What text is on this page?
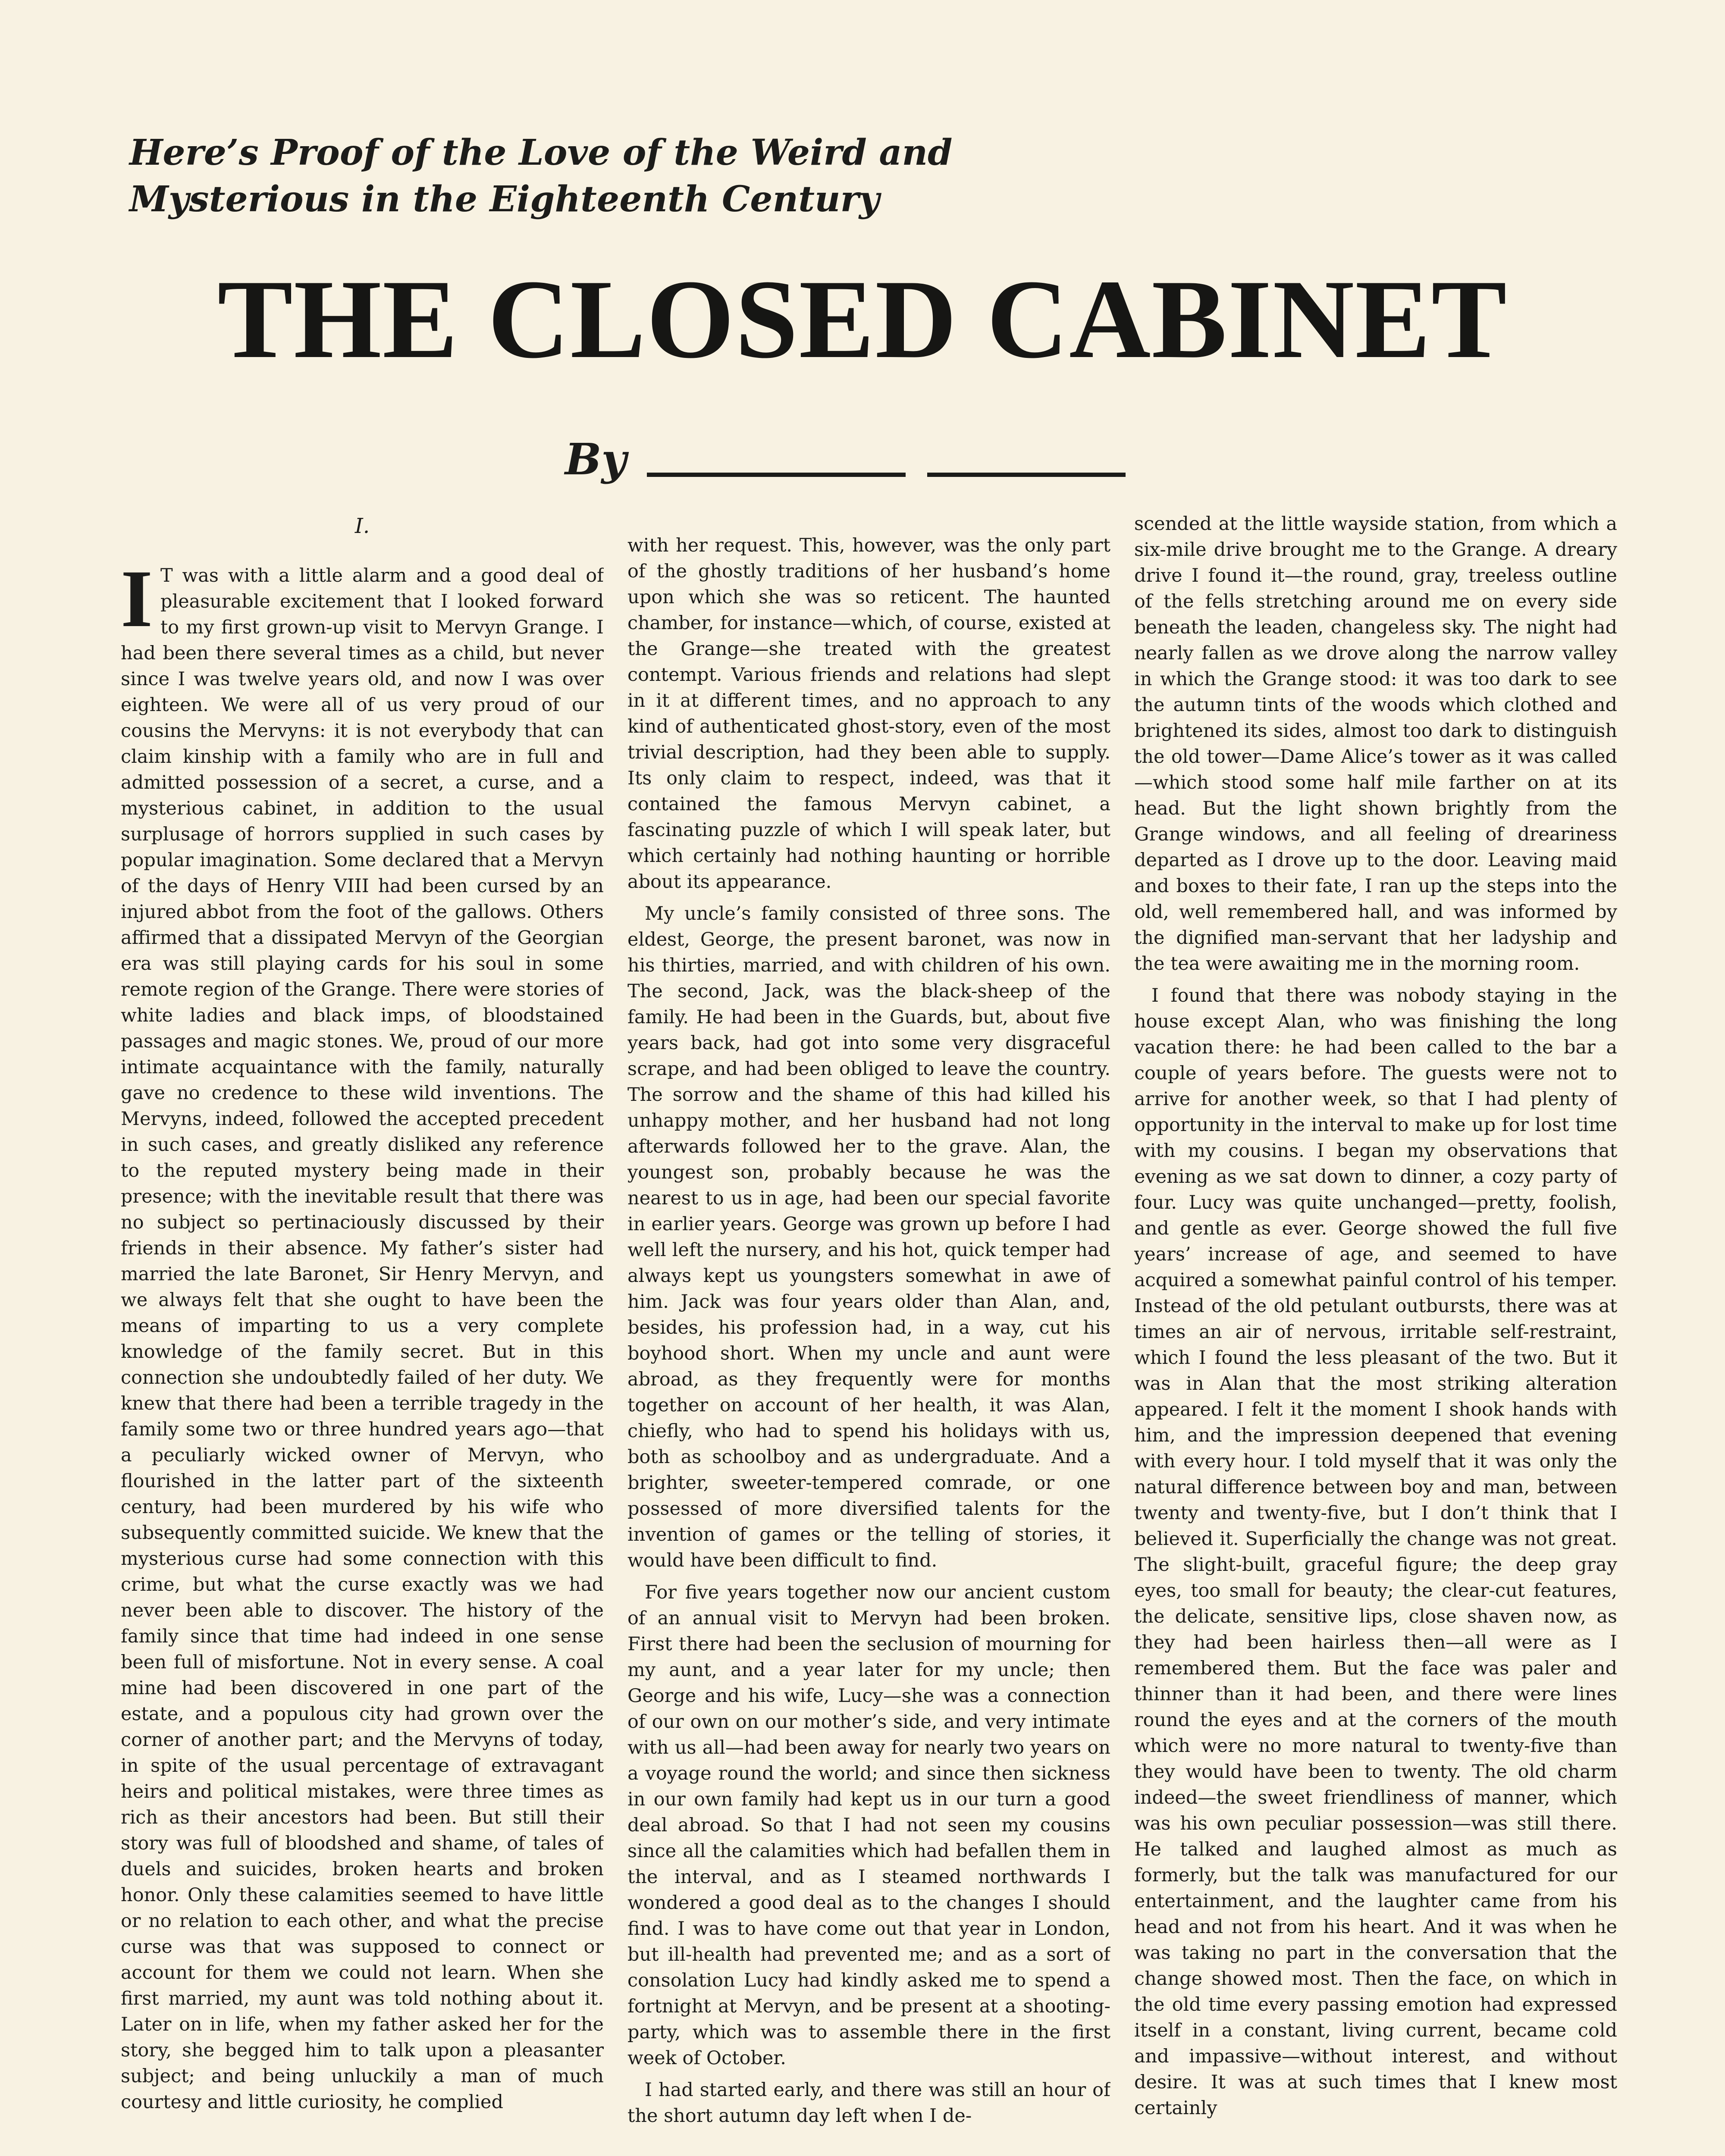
Here’s Proof of the Love of the Weird and
Mysterious in the Eighteenth Century
THE CLOSED CABINET
By
I.

I T was with a little alarm and a good deal of pleasurable excitement that I looked forward to my first grown-up visit to Mervyn Grange. I had been there several times as a child, but never since I was twelve years old, and now I was over eighteen. We were all of us very proud of our cousins the Mervyns: it is not everybody that can claim kinship with a family who are in full and admitted possession of a secret, a curse, and a mysterious cabinet, in addition to the usual surplusage of horrors supplied in such cases by popular imagination. Some declared that a Mervyn of the days of Henry VIII had been cursed by an injured abbot from the foot of the gallows. Others affirmed that a dissipated Mervyn of the Georgian era was still playing cards for his soul in some remote region of the Grange. There were stories of white ladies and black imps, of bloodstained passages and magic stones. We, proud of our more intimate acquaintance with the family, naturally gave no credence to these wild inventions. The Mervyns, indeed, followed the accepted precedent in such cases, and greatly disliked any reference to the reputed mystery being made in their presence; with the inevitable result that there was no subject so pertinaciously discussed by their friends in their absence. My father’s sister had married the late Baronet, Sir Henry Mervyn, and we always felt that she ought to have been the means of imparting to us a very complete knowledge of the family secret. But in this connection she undoubtedly failed of her duty. We knew that there had been a terrible tragedy in the family some two or three hundred years ago—that a peculiarly wicked owner of Mervyn, who flourished in the latter part of the sixteenth century, had been murdered by his wife who subsequently committed suicide. We knew that the mysterious curse had some connection with this crime, but what the curse exactly was we had never been able to discover. The history of the family since that time had indeed in one sense been full of misfortune. Not in every sense. A coal mine had been discovered in one part of the estate, and a populous city had grown over the corner of another part; and the Mervyns of today, in spite of the usual percentage of extravagant heirs and political mistakes, were three times as rich as their ancestors had been. But still their story was full of bloodshed and shame, of tales of duels and suicides, broken hearts and broken honor. Only these calamities seemed to have little or no relation to each other, and what the precise curse was that was supposed to connect or account for them we could not learn. When she first married, my aunt was told nothing about it. Later on in life, when my father asked her for the story, she begged him to talk upon a pleasanter subject; and being unluckily a man of much courtesy and little curiosity, he complied

with her request. This, however, was the only part of the ghostly traditions of her husband’s home upon which she was so reticent. The haunted chamber, for instance—which, of course, existed at the Grange—she treated with the greatest contempt. Various friends and relations had slept in it at different times, and no approach to any kind of authenticated ghost-story, even of the most trivial description, had they been able to supply. Its only claim to respect, indeed, was that it contained the famous Mervyn cabinet, a fascinating puzzle of which I will speak later, but which certainly had nothing haunting or horrible about its appearance.

My uncle’s family consisted of three sons. The eldest, George, the present baronet, was now in his thirties, married, and with children of his own. The second, Jack, was the black-sheep of the family. He had been in the Guards, but, about five years back, had got into some very disgraceful scrape, and had been obliged to leave the country. The sorrow and the shame of this had killed his unhappy mother, and her husband had not long afterwards followed her to the grave. Alan, the youngest son, probably because he was the nearest to us in age, had been our special favorite in earlier years. George was grown up before I had well left the nursery, and his hot, quick temper had always kept us youngsters somewhat in awe of him. Jack was four years older than Alan, and, besides, his profession had, in a way, cut his boyhood short. When my uncle and aunt were abroad, as they frequently were for months together on account of her health, it was Alan, chiefly, who had to spend his holidays with us, both as schoolboy and as undergraduate. And a brighter, sweeter-tempered comrade, or one possessed of more diversified talents for the invention of games or the telling of stories, it would have been difficult to find.

For five years together now our ancient custom of an annual visit to Mervyn had been broken. First there had been the seclusion of mourning for my aunt, and a year later for my uncle; then George and his wife, Lucy—she was a connection of our own on our mother’s side, and very intimate with us all—had been away for nearly two years on a voyage round the world; and since then sickness in our own family had kept us in our turn a good deal abroad. So that I had not seen my cousins since all the calamities which had befallen them in the interval, and as I steamed northwards I wondered a good deal as to the changes I should find. I was to have come out that year in London, but ill-health had prevented me; and as a sort of consolation Lucy had kindly asked me to spend a fortnight at Mervyn, and be present at a shooting-party, which was to assemble there in the first week of October.

I had started early, and there was still an hour of the short autumn day left when I de-

scended at the little wayside station, from which a six-mile drive brought me to the Grange. A dreary drive I found it—the round, gray, treeless outline of the fells stretching around me on every side beneath the leaden, changeless sky. The night had nearly fallen as we drove along the narrow valley in which the Grange stood: it was too dark to see the autumn tints of the woods which clothed and brightened its sides, almost too dark to distinguish the old tower—Dame Alice’s tower as it was called—which stood some half mile farther on at its head. But the light shown brightly from the Grange windows, and all feeling of dreariness departed as I drove up to the door. Leaving maid and boxes to their fate, I ran up the steps into the old, well remembered hall, and was informed by the dignified man-servant that her ladyship and the tea were awaiting me in the morning room.

I found that there was nobody staying in the house except Alan, who was finishing the long vacation there: he had been called to the bar a couple of years before. The guests were not to arrive for another week, so that I had plenty of opportunity in the interval to make up for lost time with my cousins. I began my observations that evening as we sat down to dinner, a cozy party of four. Lucy was quite unchanged—pretty, foolish, and gentle as ever. George showed the full five years’ increase of age, and seemed to have acquired a somewhat painful control of his temper. Instead of the old petulant outbursts, there was at times an air of nervous, irritable self-restraint, which I found the less pleasant of the two. But it was in Alan that the most striking alteration appeared. I felt it the moment I shook hands with him, and the impression deepened that evening with every hour. I told myself that it was only the natural difference between boy and man, between twenty and twenty-five, but I don’t think that I believed it. Superficially the change was not great. The slight-built, graceful figure; the deep gray eyes, too small for beauty; the clear-cut features, the delicate, sensitive lips, close shaven now, as they had been hairless then—all were as I remembered them. But the face was paler and thinner than it had been, and there were lines round the eyes and at the corners of the mouth which were no more natural to twenty-five than they would have been to twenty. The old charm indeed—the sweet friendliness of manner, which was his own peculiar possession—was still there. He talked and laughed almost as much as formerly, but the talk was manufactured for our entertainment, and the laughter came from his head and not from his heart. And it was when he was taking no part in the conversation that the change showed most. Then the face, on which in the old time every passing emotion had expressed itself in a constant, living current, became cold and impassive—without interest, and without desire. It was at such times that I knew most certainly
